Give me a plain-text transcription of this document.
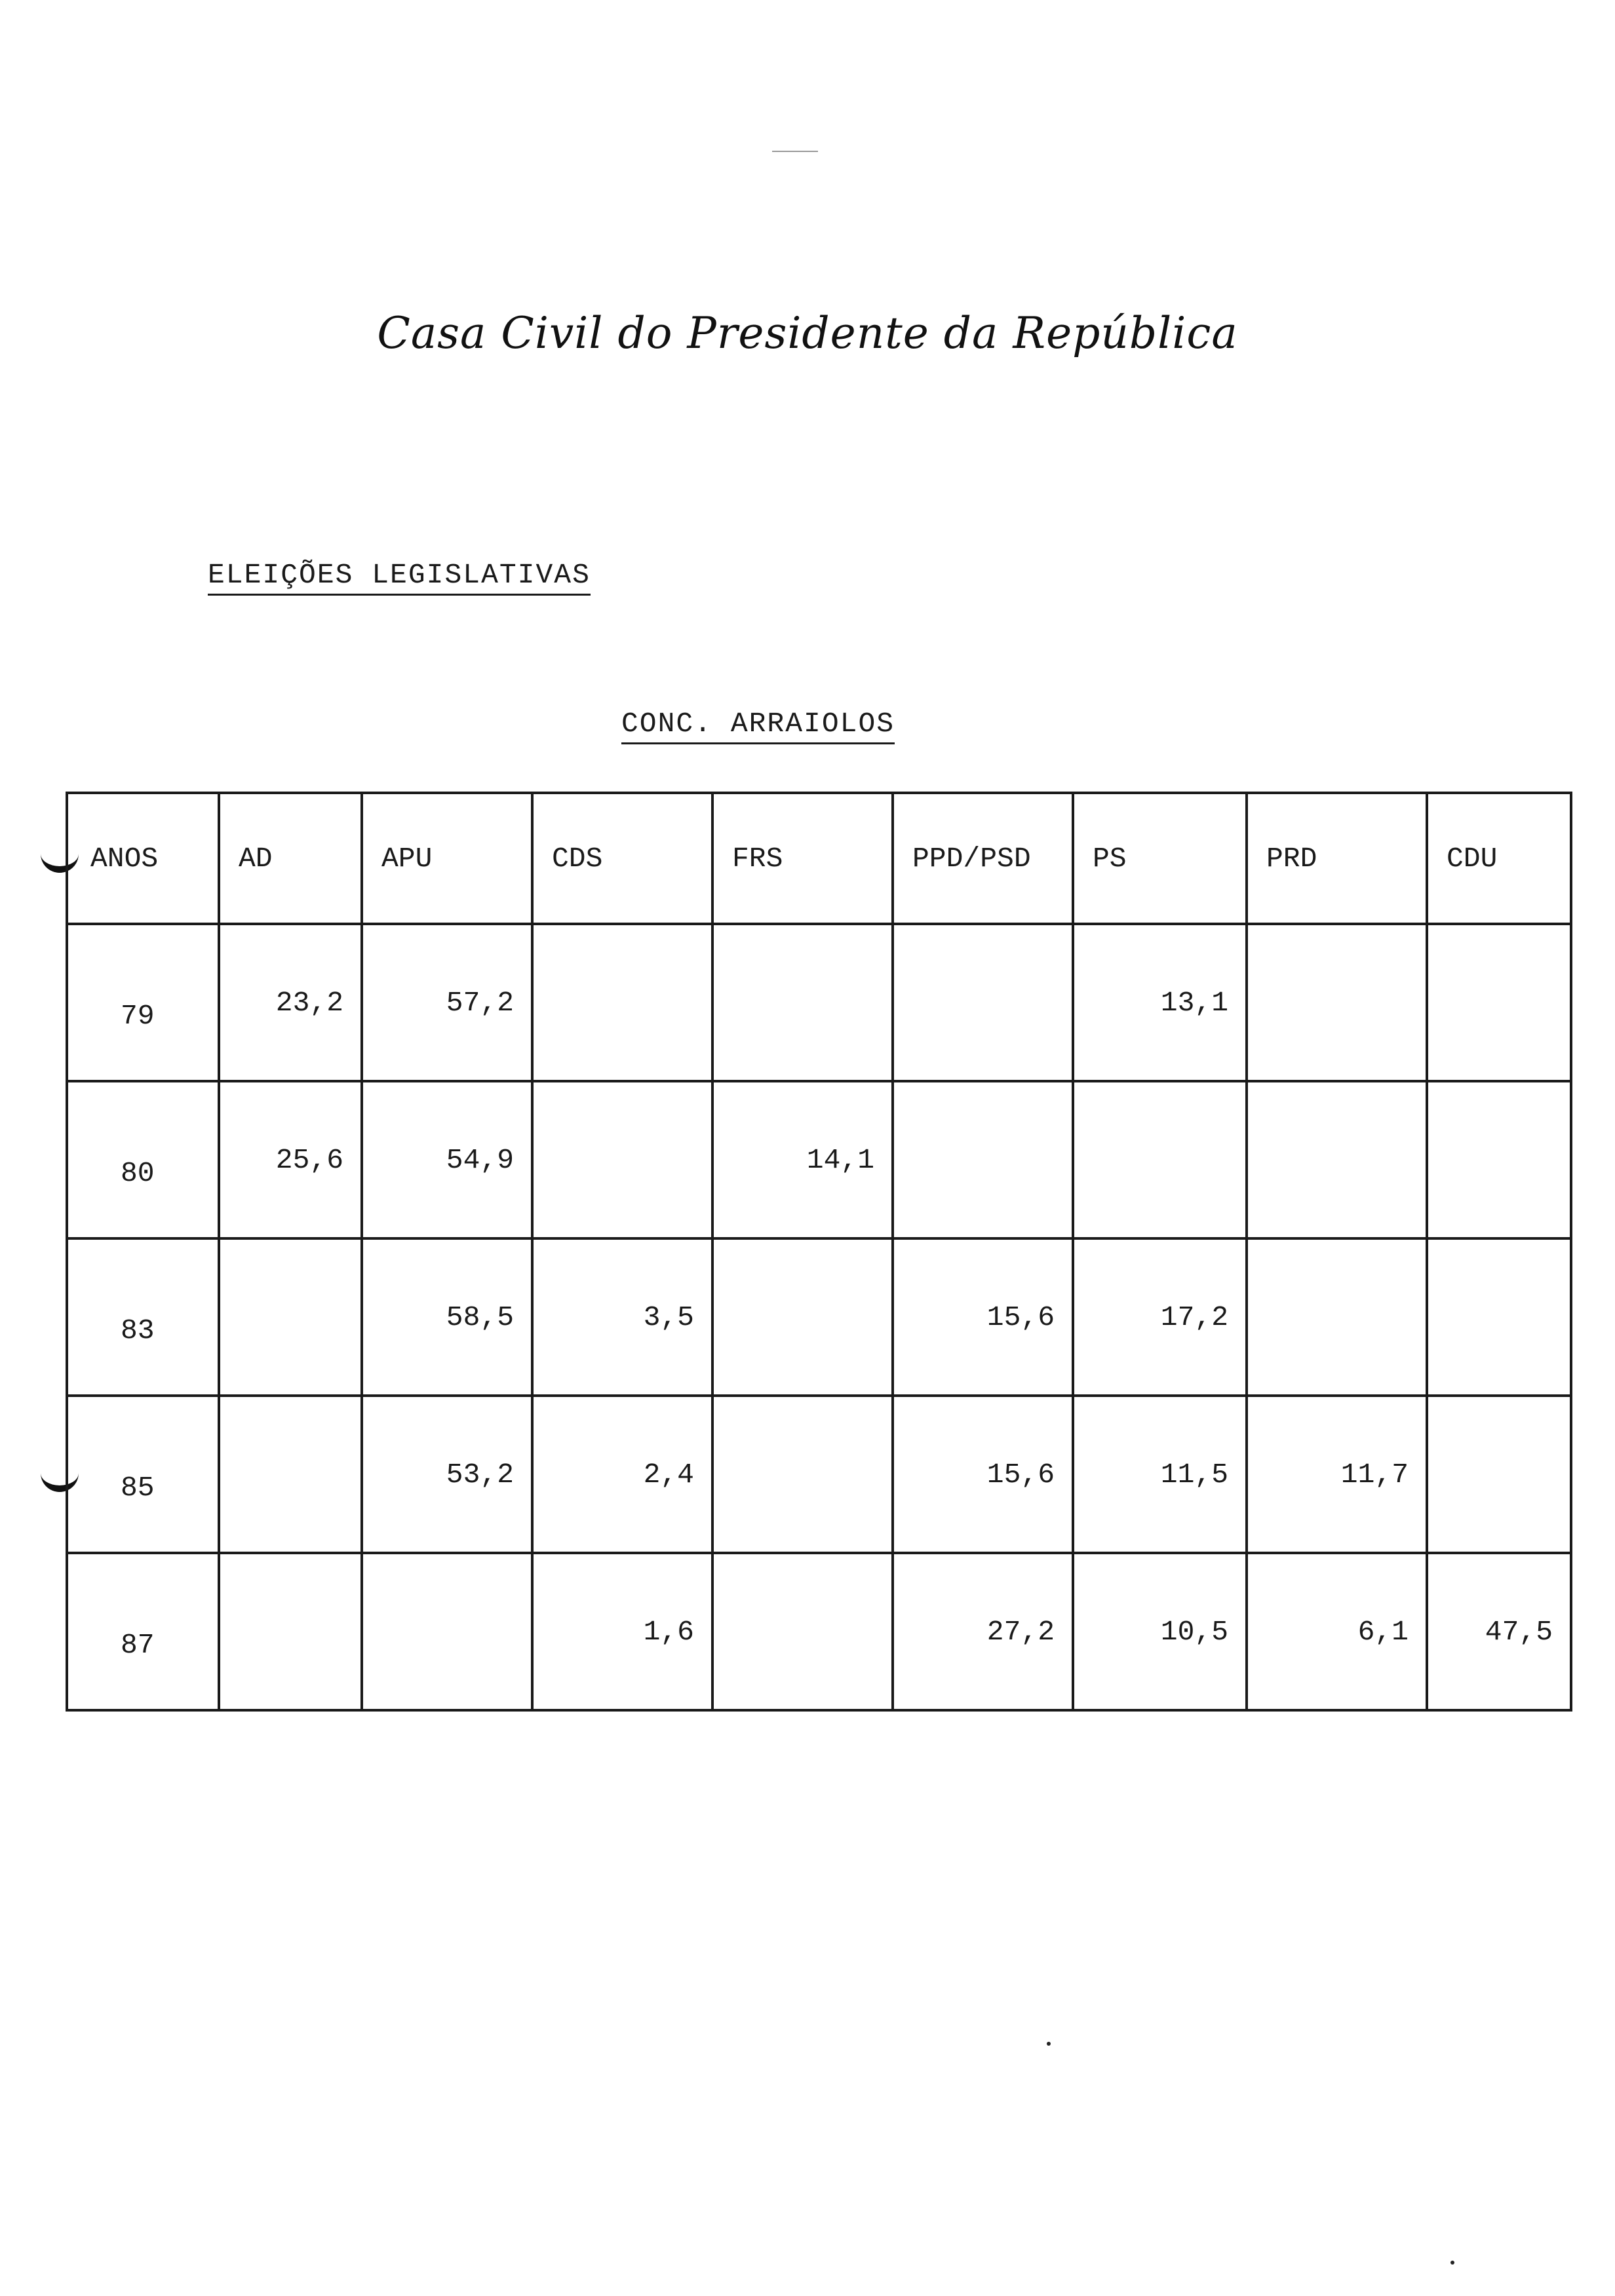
Casa Civil do Presidente da República
ELEIÇÕES LEGISLATIVAS
CONC. ARRAIOLOS
ANOS	AD	APU	CDS	FRS	PPD/PSD	PS	PRD	CDU
79	23,2	57,2				13,1		
80	25,6	54,9		14,1				
83		58,5	3,5		15,6	17,2		
85		53,2	2,4		15,6	11,5	11,7	
87			1,6		27,2	10,5	6,1	47,5
